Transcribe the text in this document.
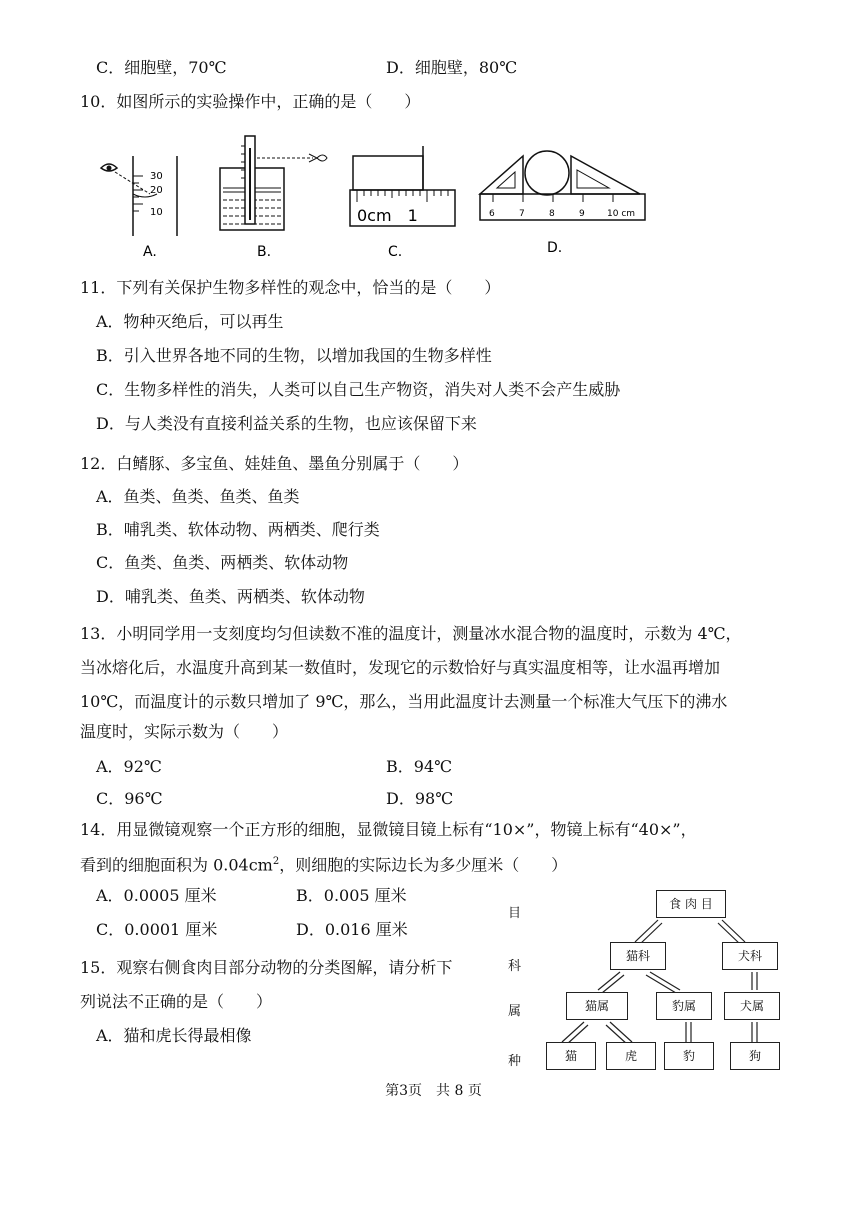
C．细胞壁，70℃	D．细胞壁，80℃
10．如图所示的实验操作中，正确的是（　　）
30
20
10	0cm　1	6	7	8	9 10 cm
A.	B.	C.	D.
11．下列有关保护生物多样性的观念中，恰当的是（　　）
A．物种灭绝后，可以再生
B．引入世界各地不同的生物，以增加我国的生物多样性
C．生物多样性的消失，人类可以自己生产物资，消失对人类不会产生威胁
D．与人类没有直接利益关系的生物，也应该保留下来
12．白鳍豚、多宝鱼、娃娃鱼、墨鱼分别属于（　　）
A．鱼类、鱼类、鱼类、鱼类
B．哺乳类、软体动物、两栖类、爬行类
C．鱼类、鱼类、两栖类、软体动物
D．哺乳类、鱼类、两栖类、软体动物
13．小明同学用一支刻度均匀但读数不准的温度计，测量冰水混合物的温度时，示数为 4℃，
当冰熔化后，水温度升高到某一数值时，发现它的示数恰好与真实温度相等，让水温再增加
10℃，而温度计的示数只增加了 9℃，那么，当用此温度计去测量一个标准大气压下的沸水
温度时，实际示数为（　　）
A．92℃	B．94℃
C．96℃	D．98℃
14．用显微镜观察一个正方形的细胞，显微镜目镜上标有“10×”，物镜上标有“40×”，
看到的细胞面积为 $0.04cm^2$，则细胞的实际边长为多少厘米（　　）
A．0.0005 厘米	B．0.005 厘米
C．0.0001 厘米	D．0.016 厘米
15．观察右侧食肉目部分动物的分类图解，请分析下
列说法不正确的是（　　）
A．猫和虎长得最相像
目
科
属
种
食 肉 目
猫科	犬科
猫属	豹属	犬属
猫	虎	豹	狗
第3页　共 8 页
